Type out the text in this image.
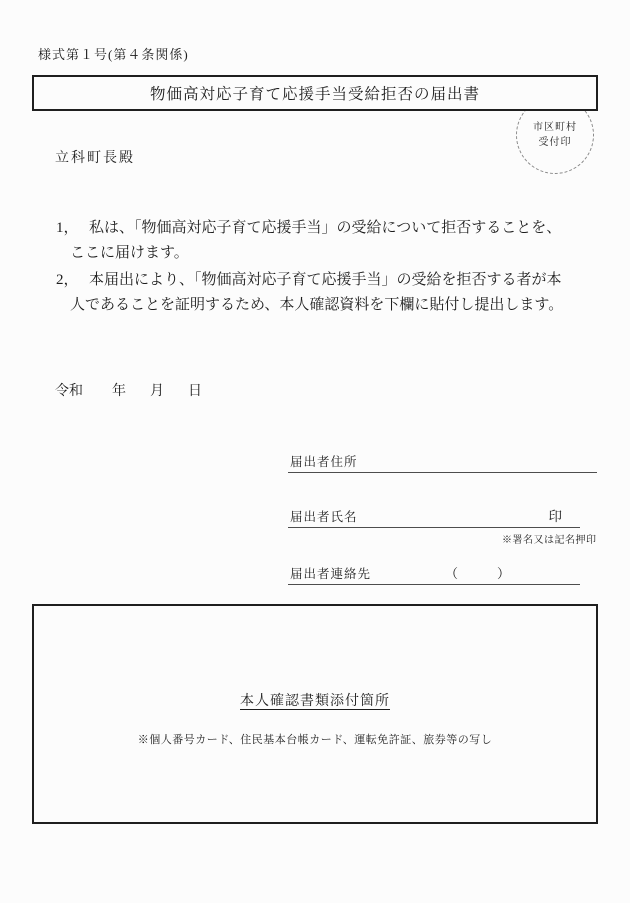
様式第１号(第４条関係)
市区町村
受付印
物価高対応子育て応援手当受給拒否の届出書
立科町長殿
1， 私は、「物価高対応子育て応援手当」の受給について拒否することを、
ここに届けます。
2， 本届出により、「物価高対応子育て応援手当」の受給を拒否する者が本
人であることを証明するため、本人確認資料を下欄に貼付し提出します。
令和 年 月 日
届出者住所
届出者氏名	印
※署名又は記名押印
届出者連絡先	（　　　）
本人確認書類添付箇所
※個人番号カード、住民基本台帳カード、運転免許証、旅券等の写し
